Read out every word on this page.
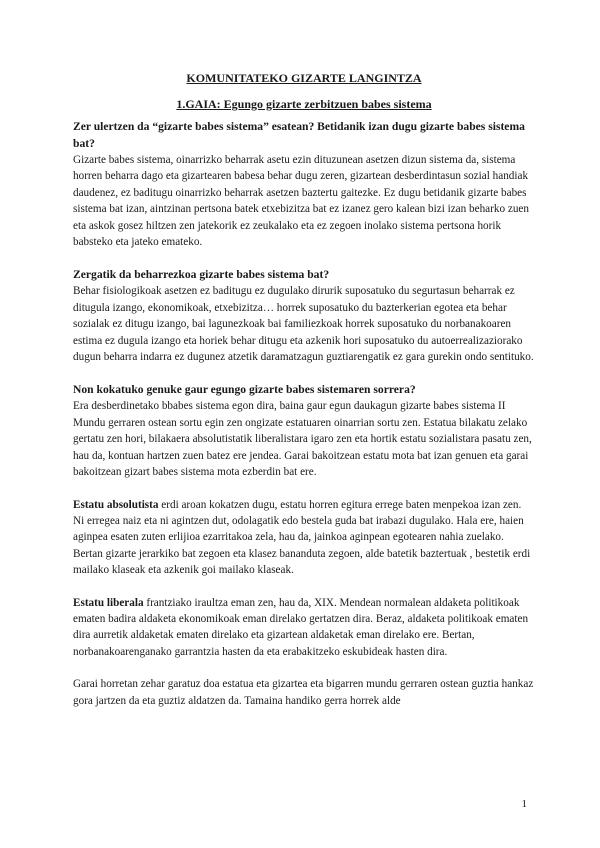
KOMUNITATEKO GIZARTE LANGINTZA

1.GAIA: Egungo gizarte zerbitzuen babes sistema

Zer ulertzen da “gizarte babes sistema” esatean? Betidanik izan dugu gizarte babes sistema bat?

Gizarte babes sistema, oinarrizko beharrak asetu ezin dituzunean asetzen dizun sistema da, sistema horren beharra dago eta gizartearen babesa behar dugu zeren, gizartean desberdintasun sozial handiak daudenez, ez baditugu oinarrizko beharrak asetzen baztertu gaitezke. Ez dugu betidanik gizarte babes sistema bat izan, aintzinan pertsona batek etxebizitza bat ez izanez gero kalean bizi izan beharko zuen eta askok gosez hiltzen zen jatekorik ez zeukalako eta ez zegoen inolako sistema pertsona horik babsteko eta jateko emateko.

Zergatik da beharrezkoa gizarte babes sistema bat?

Behar fisiologikoak asetzen ez baditugu ez dugulako dirurik suposatuko du segurtasun beharrak ez ditugula izango, ekonomikoak, etxebizitza… horrek suposatuko du bazterkerian egotea eta behar sozialak ez ditugu izango, bai lagunezkoak bai familiezkoak horrek suposatuko du norbanakoaren estima ez dugula izango eta horiek behar ditugu eta azkenik hori suposatuko du autoerrealizaziorako dugun beharra indarra ez dugunez atzetik daramatzagun guztiarengatik ez gara gurekin ondo sentituko.

Non kokatuko genuke gaur egungo gizarte babes sistemaren sorrera?

Era desberdinetako bbabes sistema egon dira, baina gaur egun daukagun gizarte babes sistema II Mundu gerraren ostean sortu egin zen ongizate estatuaren oinarrian sortu zen. Estatua bilakatu zelako gertatu zen hori, bilakaera absolutistatik liberalistara igaro zen eta hortik estatu sozialistara pasatu zen, hau da, kontuan hartzen zuen batez ere jendea. Garai bakoitzean estatu mota bat izan genuen eta garai bakoitzean gizart babes sistema mota ezberdin bat ere.

Estatu absolutista erdi aroan kokatzen dugu, estatu horren egitura errege baten menpekoa izan zen. Ni erregea naiz eta ni agintzen dut, odolagatik edo bestela guda bat irabazi dugulako. Hala ere, haien aginpea esaten zuten erlijioa ezarritakoa zela, hau da, jainkoa aginpean egotearen nahia zuelako. Bertan gizarte jerarkiko bat zegoen eta klasez bananduta zegoen, alde batetik baztertuak , bestetik erdi mailako klaseak eta azkenik goi mailako klaseak.

Estatu liberala frantziako iraultza eman zen, hau da, XIX. Mendean normalean aldaketa politikoak ematen badira aldaketa ekonomikoak eman direlako gertatzen dira. Beraz, aldaketa politikoak ematen dira aurretik aldaketak ematen direlako eta gizartean aldaketak eman direlako ere. Bertan, norbanakoarenganako garrantzia hasten da eta erabakitzeko eskubideak hasten dira.

Garai horretan zehar garatuz doa estatua eta gizartea eta bigarren mundu gerraren ostean guztia hankaz gora jartzen da eta guztiz aldatzen da. Tamaina handiko gerra horrek alde

1
